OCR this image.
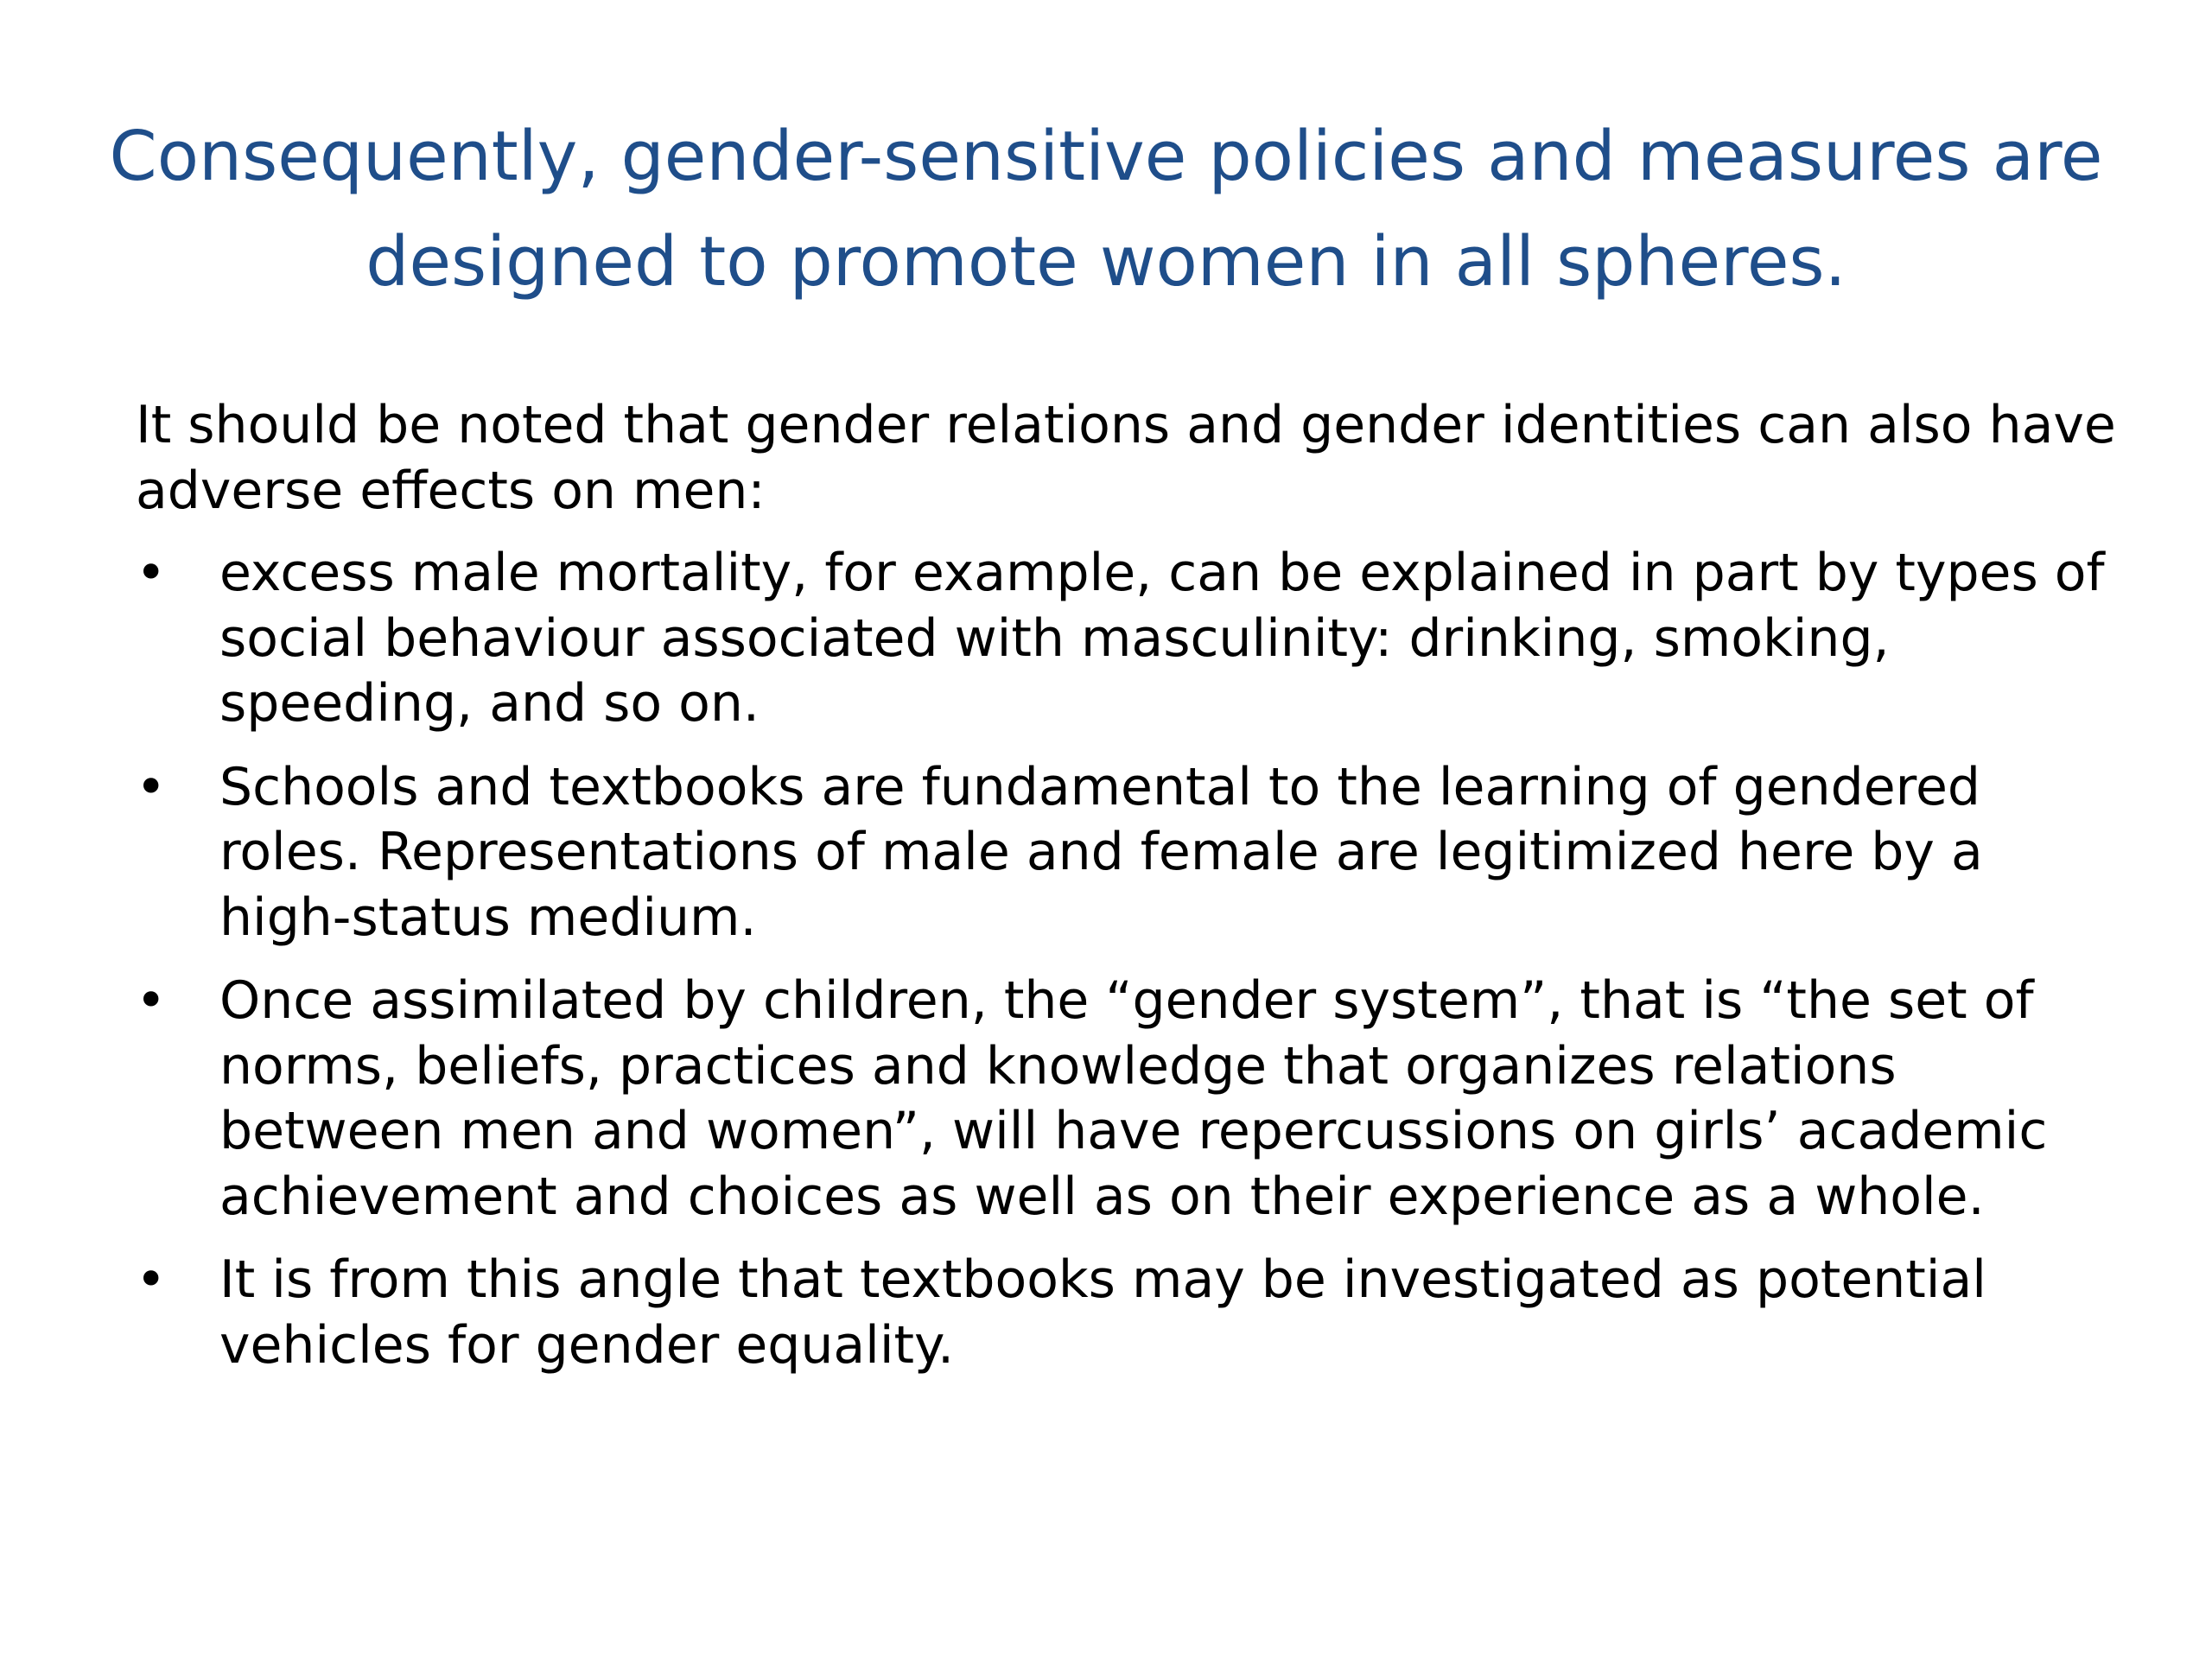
Consequently, gender-sensitive policies and measures are designed to promote women in all spheres.

It should be noted that gender relations and gender identities can also have adverse effects on men:

• excess male mortality, for example, can be explained in part by types of social behaviour associated with masculinity: drinking, smoking, speeding, and so on.
• Schools and textbooks are fundamental to the learning of gendered roles. Representations of male and female are legitimized here by a high-status medium.
• Once assimilated by children, the “gender system”, that is “the set of norms, beliefs, practices and knowledge that organizes relations between men and women”, will have repercussions on girls’ academic achievement and choices as well as on their experience as a whole.
• It is from this angle that textbooks may be investigated as potential vehicles for gender equality.
